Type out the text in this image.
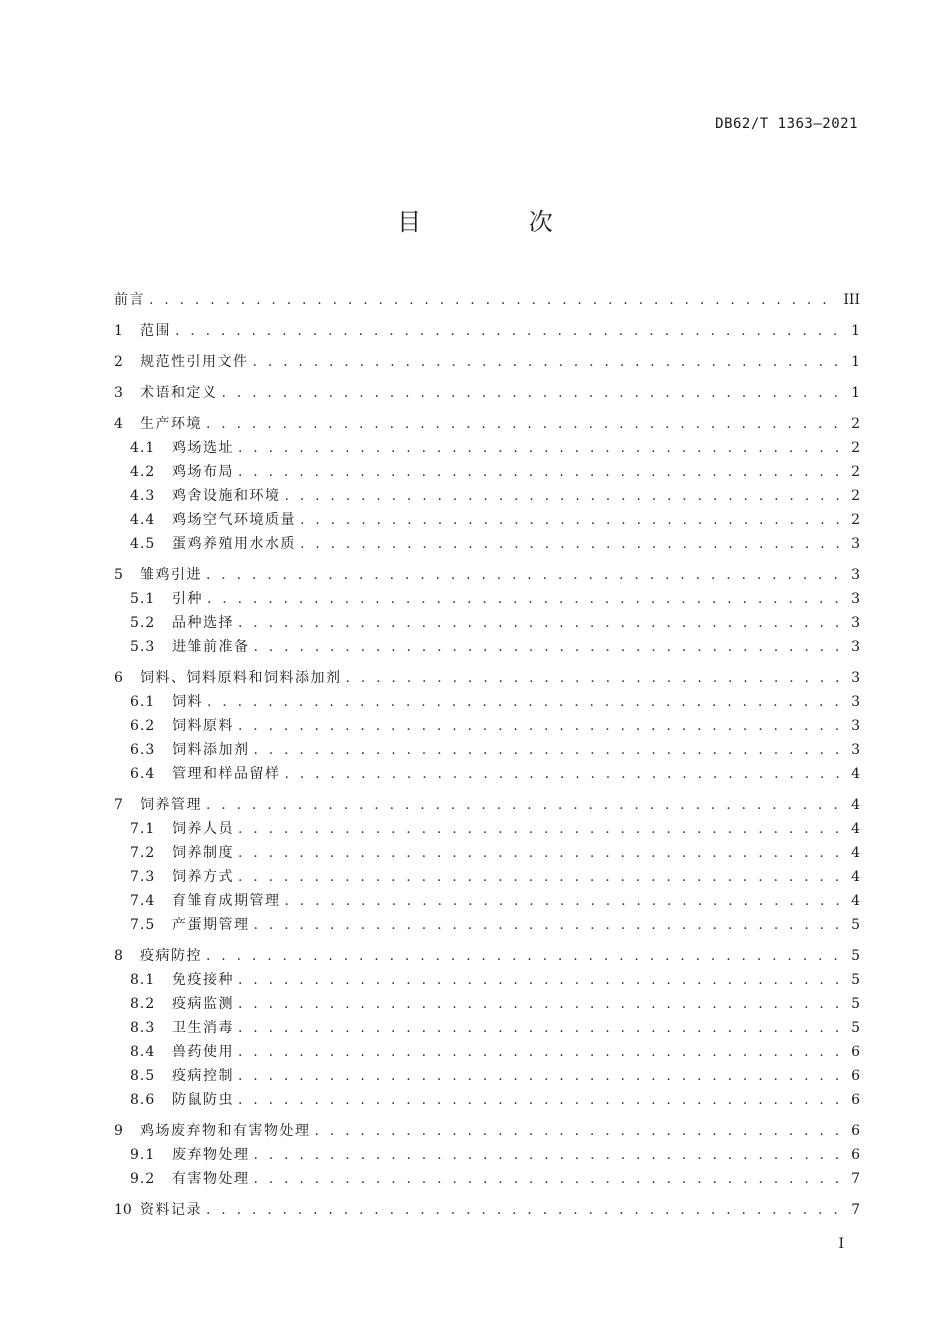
DB62/T 1363—2021
目 次
前言 . . .	III
1	范围 . . .	1
2	规范性引用文件 . . .	1
3	术语和定义 . . .	1
4	生产环境 . . .	2
4.1	鸡场选址 . . .	2
4.2	鸡场布局 . . .	2
4.3	鸡舍设施和环境 . . .	2
4.4	鸡场空气环境质量 . . .	2
4.5	蛋鸡养殖用水水质 . . .	3
5	雏鸡引进 . . .	3
5.1	引种 . . .	3
5.2	品种选择 . . .	3
5.3	进雏前准备 . . .	3
6	饲料、饲料原料和饲料添加剂 . . .	3
6.1	饲料 . . .	3
6.2	饲料原料 . . .	3
6.3	饲料添加剂 . . .	3
6.4	管理和样品留样 . . .	4
7	饲养管理 . . .	4
7.1	饲养人员 . . .	4
7.2	饲养制度 . . .	4
7.3	饲养方式 . . .	4
7.4	育雏育成期管理 . . .	4
7.5	产蛋期管理 . . .	5
8	疫病防控 . . .	5
8.1	免疫接种 . . .	5
8.2	疫病监测 . . .	5
8.3	卫生消毒 . . .	5
8.4	兽药使用 . . .	6
8.5	疫病控制 . . .	6
8.6	防鼠防虫 . . .	6
9	鸡场废弃物和有害物处理 . . .	6
9.1	废弃物处理 . . .	6
9.2	有害物处理 . . .	7
10 资料记录 . . .	7
I
